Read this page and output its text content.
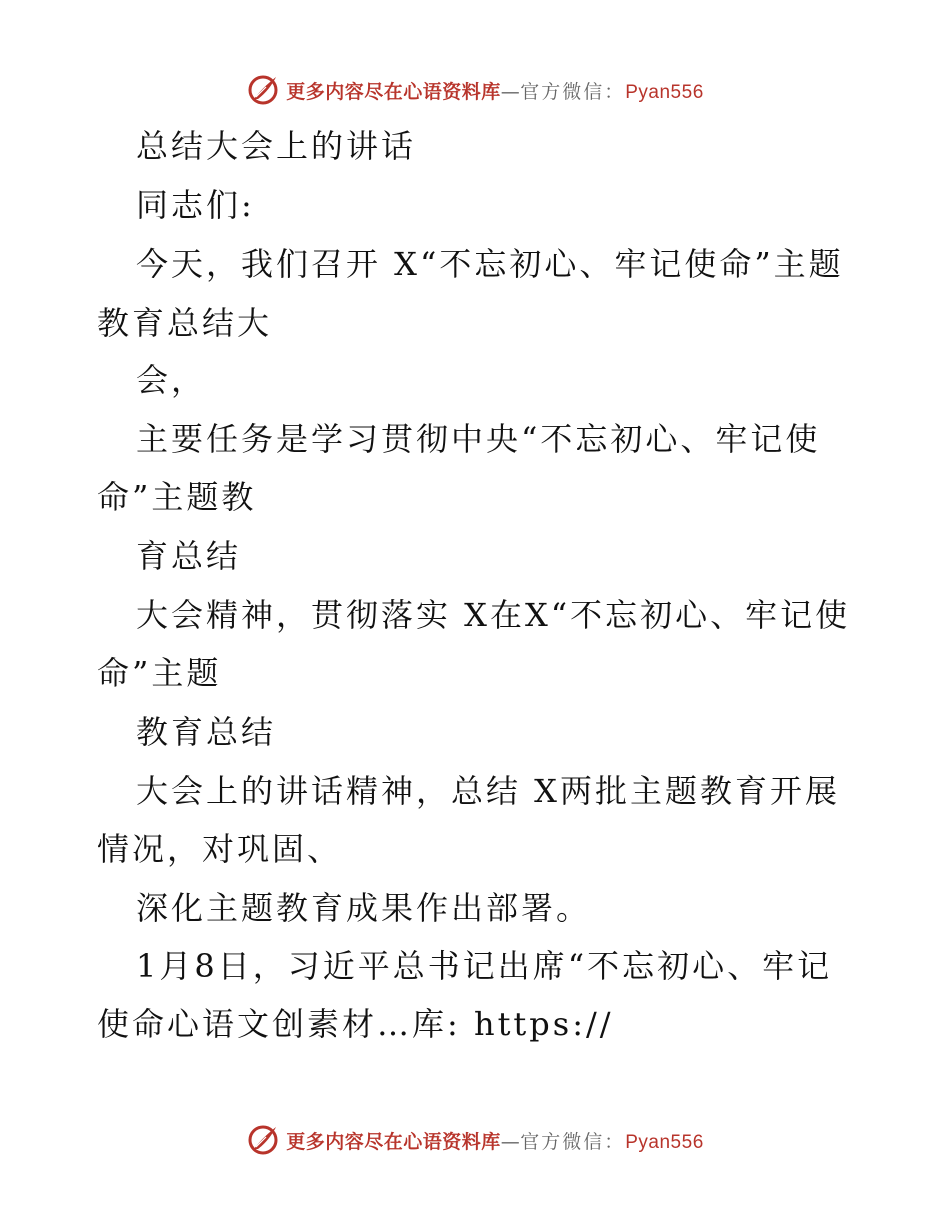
更多内容尽在心语资料库—官方微信：Pyan556
总结大会上的讲话
同志们:
今天，我们召开 X“不忘初心、牢记使命”主题
教育总结大
会，
主要任务是学习贯彻中央“不忘初心、牢记使
命”主题教
育总结
大会精神，贯彻落实 X在X“不忘初心、牢记使
命”主题
教育总结
大会上的讲话精神，总结 X两批主题教育开展
情况，对巩固、
深化主题教育成果作出部署。
1月8日，习近平总书记出席“不忘初心、牢记
使命心语文创素材…库: https://
更多内容尽在心语资料库—官方微信：Pyan556
